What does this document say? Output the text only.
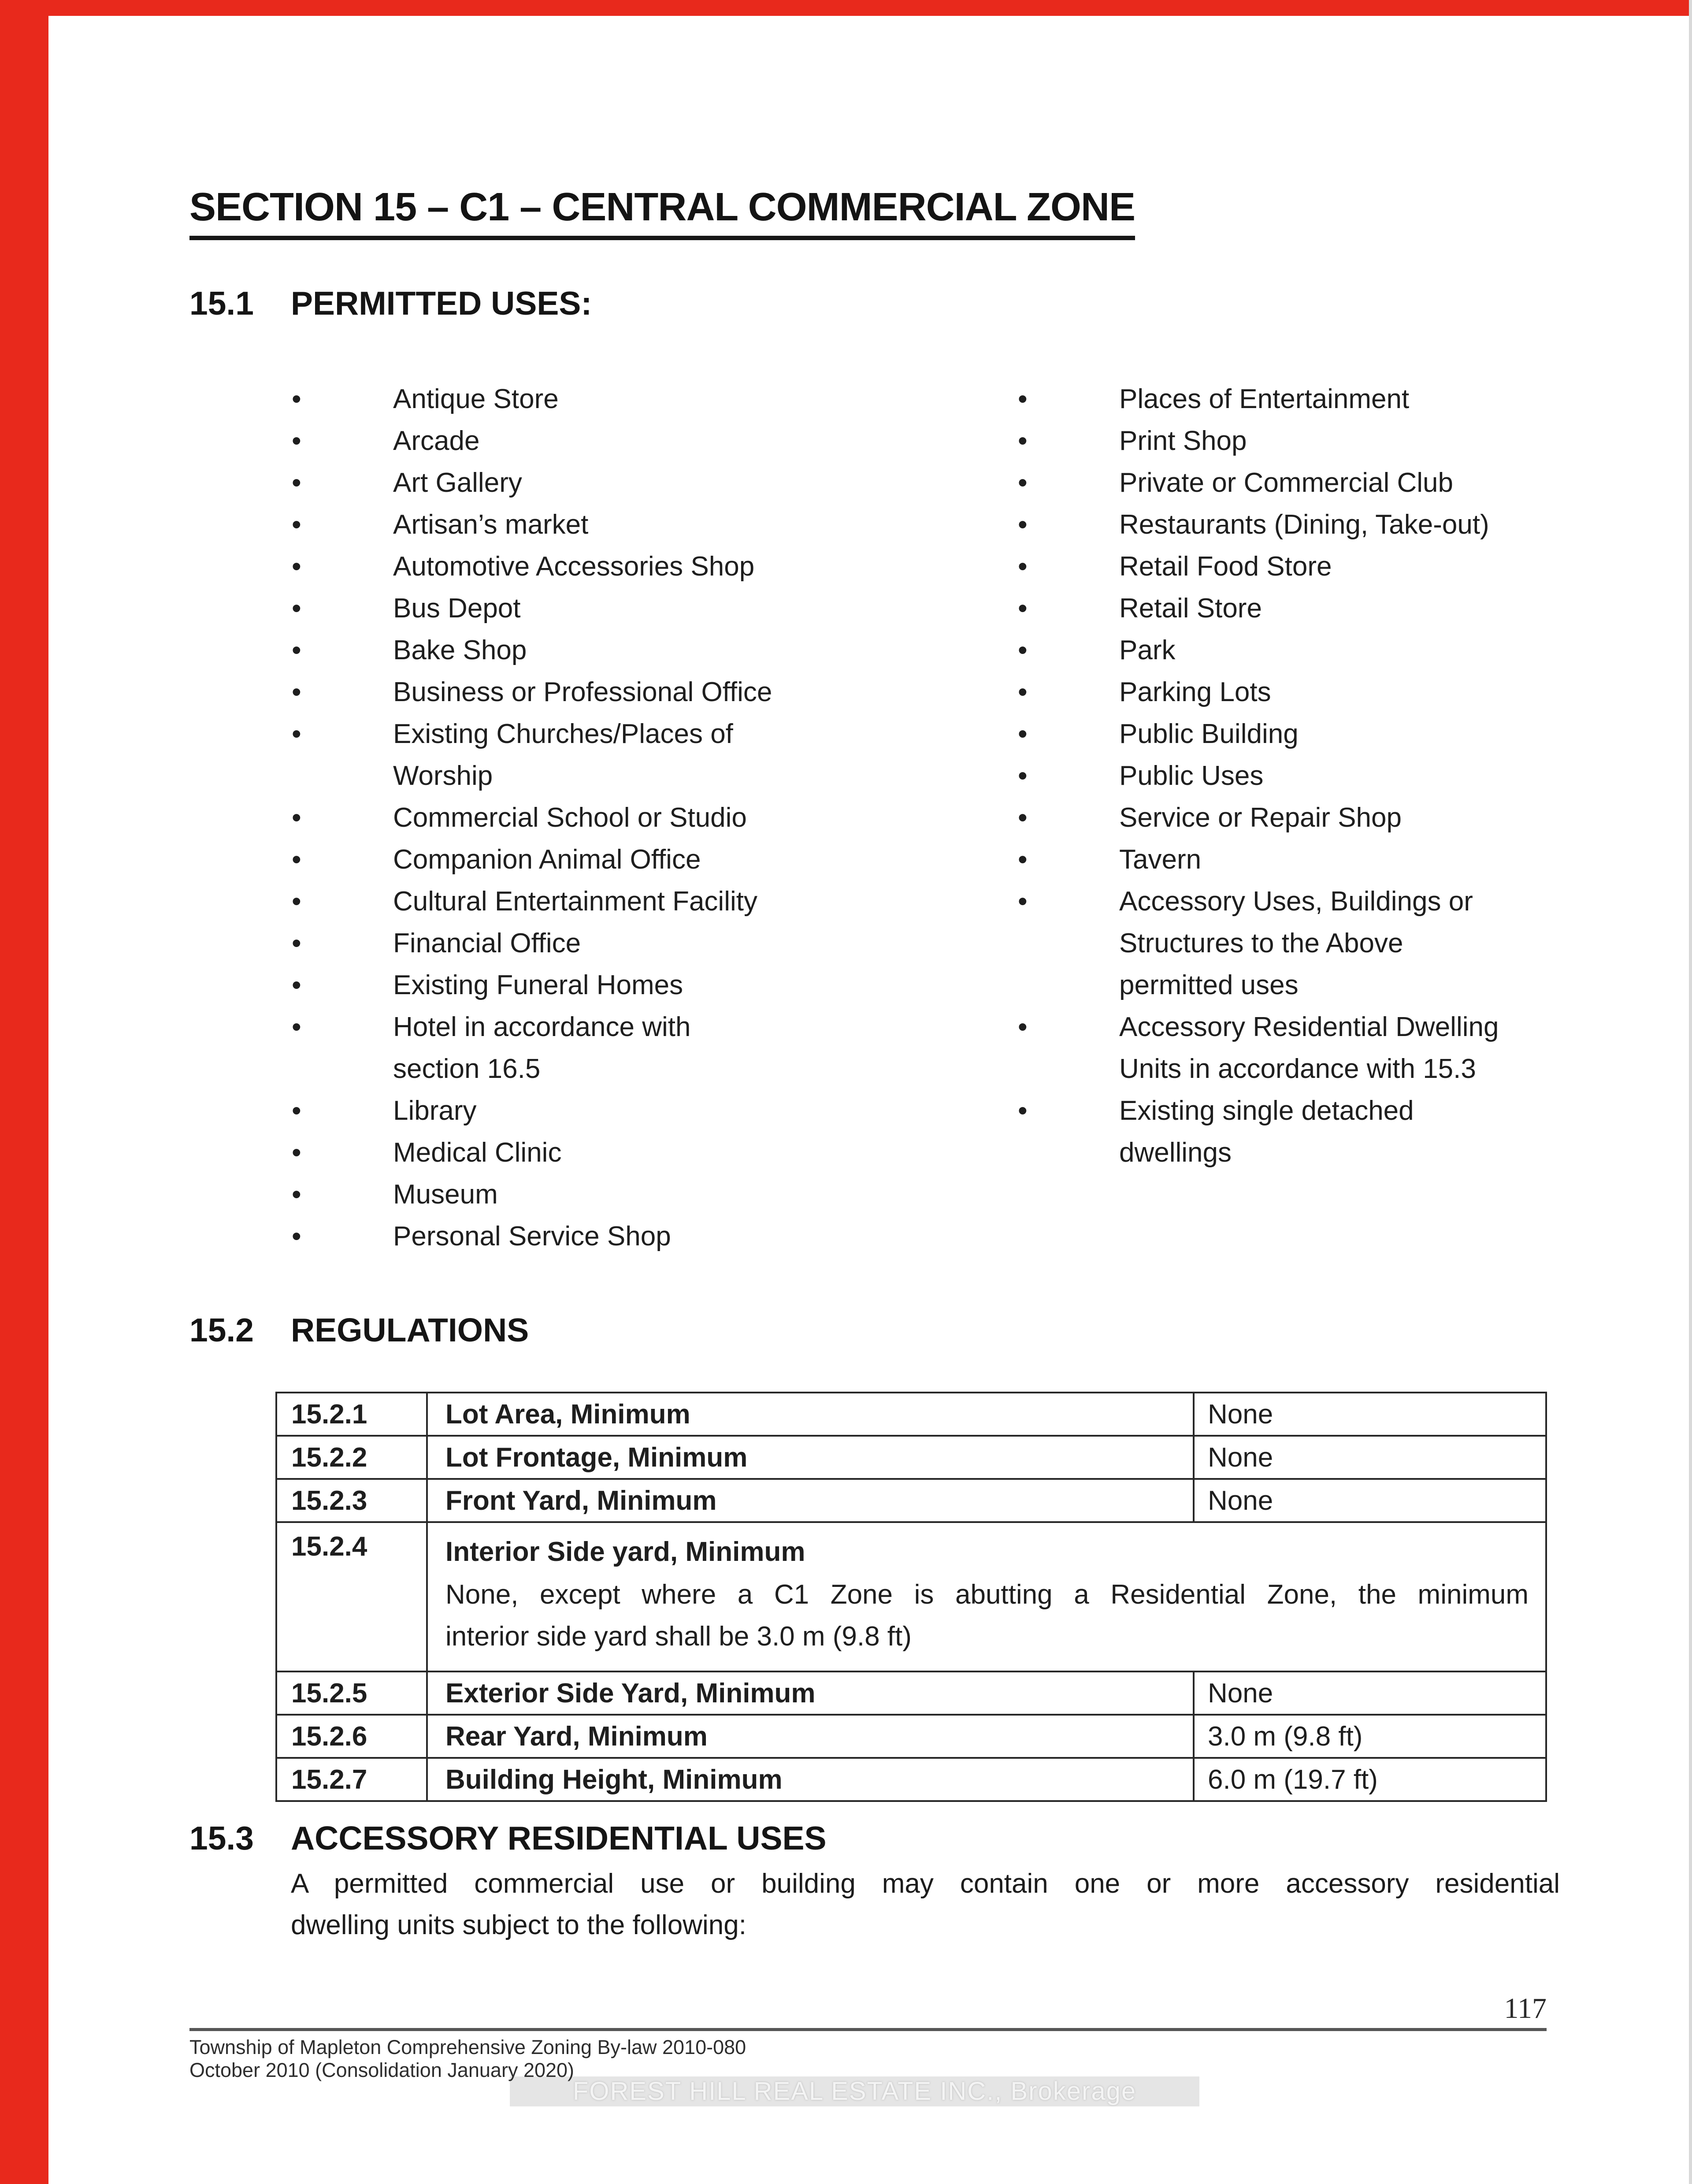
SECTION 15 – C1 – CENTRAL COMMERCIAL ZONE
15.1 PERMITTED USES:
•	Antique Store
•	Arcade
•	Art Gallery
•	Artisan’s market
•	Automotive Accessories Shop
•	Bus Depot
•	Bake Shop
•	Business or Professional Office
•	Existing Churches/Places of
Worship
•	Commercial School or Studio
•	Companion Animal Office
•	Cultural Entertainment Facility
•	Financial Office
•	Existing Funeral Homes
•	Hotel in accordance with
section 16.5
•	Library
•	Medical Clinic
•	Museum
•	Personal Service Shop
•	Places of Entertainment
•	Print Shop
•	Private or Commercial Club
•	Restaurants (Dining, Take-out)
•	Retail Food Store
•	Retail Store
•	Park
•	Parking Lots
•	Public Building
•	Public Uses
•	Service or Repair Shop
•	Tavern
•	Accessory Uses, Buildings or
Structures to the Above
permitted uses
•	Accessory Residential Dwelling
Units in accordance with 15.3
•	Existing single detached
dwellings
15.2 REGULATIONS
15.2.1	Lot Area, Minimum	None
15.2.2	Lot Frontage, Minimum	None
15.2.3	Front Yard, Minimum	None
15.2.4	Interior Side yard, Minimum
None, except where a C1 Zone is abutting a Residential Zone, the minimum
interior side yard shall be 3.0 m (9.8 ft)	

15.2.5	Exterior Side Yard, Minimum	None
15.2.6	Rear Yard, Minimum	3.0 m (9.8 ft)
15.2.7	Building Height, Minimum	6.0 m (19.7 ft)
15.3 ACCESSORY RESIDENTIAL USES
A permitted commercial use or building may contain one or more accessory residential
dwelling units subject to the following:
117
FOREST HILL REAL ESTATE INC., Brokerage
Township of Mapleton Comprehensive Zoning By-law 2010-080
October 2010 (Consolidation January 2020)
